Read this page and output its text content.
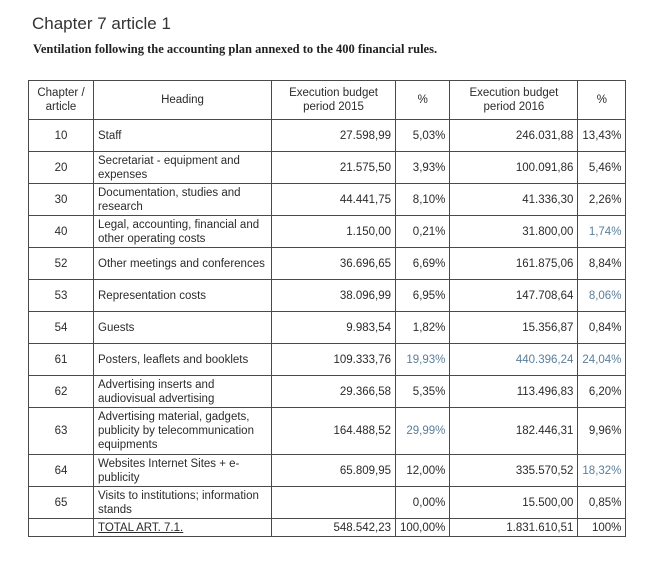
Chapter 7 article 1
Ventilation following the accounting plan annexed to the 400 financial rules.
Chapter / article	Heading	Execution budget period 2015	%	Execution budget period 2016	%
10	Staff	27.598,99	5,03%	246.031,88	13,43%
20	Secretariat - equipment and expenses	21.575,50	3,93%	100.091,86	5,46%
30	Documentation, studies and research	44.441,75	8,10%	41.336,30	2,26%
40	Legal, accounting, financial and other operating costs	1.150,00	0,21%	31.800,00	1,74%
52	Other meetings and conferences	36.696,65	6,69%	161.875,06	8,84%
53	Representation costs	38.096,99	6,95%	147.708,64	8,06%
54	Guests	9.983,54	1,82%	15.356,87	0,84%
61	Posters, leaflets and booklets	109.333,76	19,93%	440.396,24	24,04%
62	Advertising inserts and audiovisual advertising	29.366,58	5,35%	113.496,83	6,20%
63	Advertising material, gadgets, publicity by telecommunication equipments	164.488,52	29,99%	182.446,31	9,96%
64	Websites Internet Sites + e-publicity	65.809,95	12,00%	335.570,52	18,32%
65	Visits to institutions; information stands		0,00%	15.500,00	0,85%
	TOTAL ART. 7.1.	548.542,23	100,00%	1.831.610,51	100%
